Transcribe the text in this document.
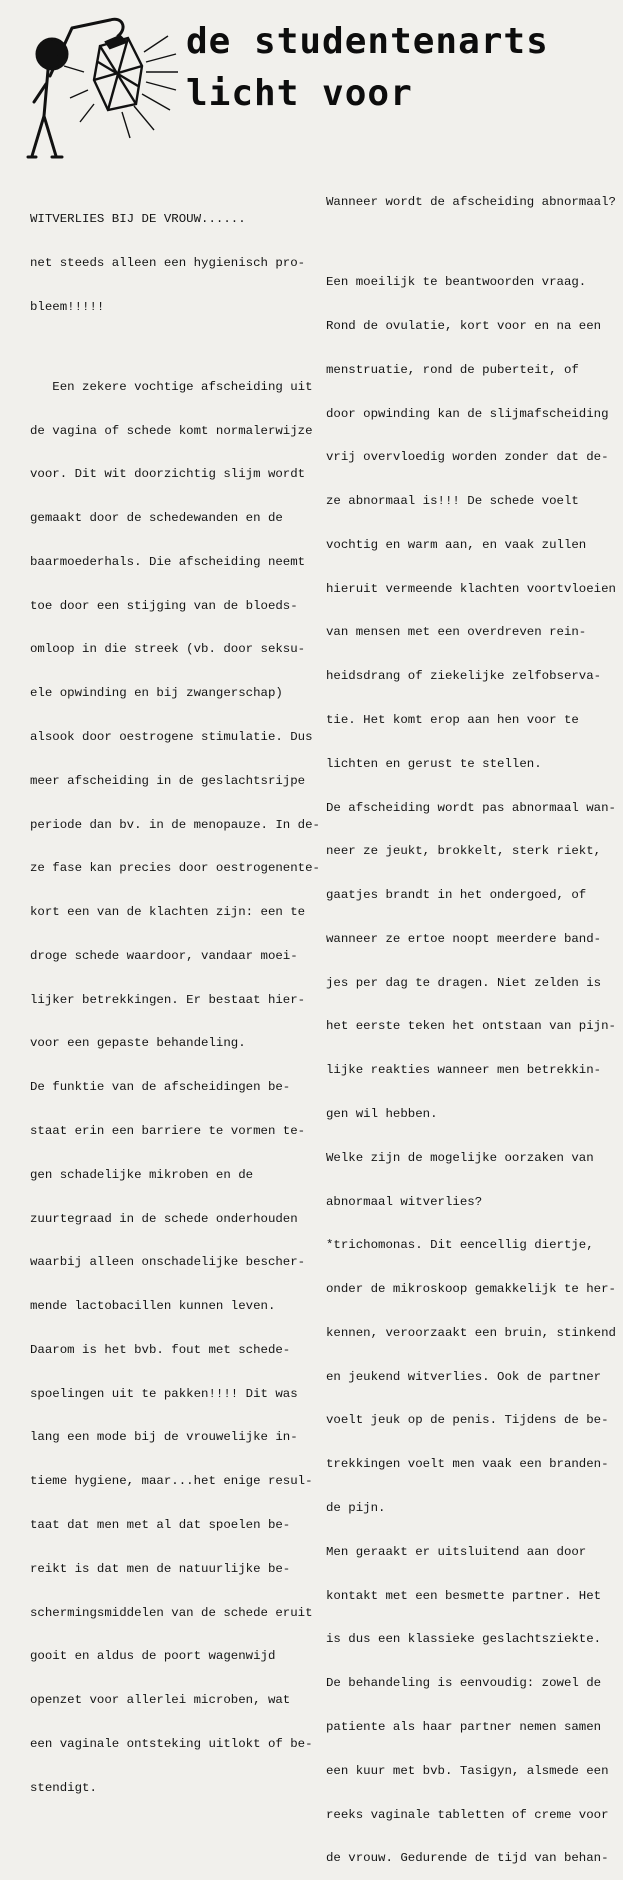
de studentenarts
licht voor

WITVERLIES BIJ DE VROUW......

net steeds alleen een hygienisch pro-

bleem!!!!!

Een zekere vochtige afscheiding uit

de vagina of schede komt normalerwijze

voor. Dit wit doorzichtig slijm wordt

gemaakt door de schedewanden en de

baarmoederhals. Die afscheiding neemt

toe door een stijging van de bloeds-

omloop in die streek (vb. door seksu-

ele opwinding en bij zwangerschap)

alsook door oestrogene stimulatie. Dus

meer afscheiding in de geslachtsrijpe

periode dan bv. in de menopauze. In de-

ze fase kan precies door oestrogenente-

kort een van de klachten zijn: een te

droge schede waardoor, vandaar moei-

lijker betrekkingen. Er bestaat hier-

voor een gepaste behandeling.

De funktie van de afscheidingen be-

staat erin een barriere te vormen te-

gen schadelijke mikroben en de

zuurtegraad in de schede onderhouden

waarbij alleen onschadelijke bescher-

mende lactobacillen kunnen leven.

Daarom is het bvb. fout met schede-

spoelingen uit te pakken!!!! Dit was

lang een mode bij de vrouwelijke in-

tieme hygiene, maar...het enige resul-

taat dat men met al dat spoelen be-

reikt is dat men de natuurlijke be-

schermingsmiddelen van de schede eruit

gooit en aldus de poort wagenwijd

openzet voor allerlei microben, wat

een vaginale ontsteking uitlokt of be-

stendigt.

Wanneer wordt de afscheiding abnormaal?

Een moeilijk te beantwoorden vraag.

Rond de ovulatie, kort voor en na een

menstruatie, rond de puberteit, of

door opwinding kan de slijmafscheiding

vrij overvloedig worden zonder dat de-

ze abnormaal is!!! De schede voelt

vochtig en warm aan, en vaak zullen

hieruit vermeende klachten voortvloeien

van mensen met een overdreven rein-

heidsdrang of ziekelijke zelfobserva-

tie. Het komt erop aan hen voor te

lichten en gerust te stellen.

De afscheiding wordt pas abnormaal wan-

neer ze jeukt, brokkelt, sterk riekt,

gaatjes brandt in het ondergoed, of

wanneer ze ertoe noopt meerdere band-

jes per dag te dragen. Niet zelden is

het eerste teken het ontstaan van pijn-

lijke reakties wanneer men betrekkin-

gen wil hebben.

Welke zijn de mogelijke oorzaken van

abnormaal witverlies?

*trichomonas. Dit eencellig diertje,

onder de mikroskoop gemakkelijk te her-

kennen, veroorzaakt een bruin, stinkend

en jeukend witverlies. Ook de partner

voelt jeuk op de penis. Tijdens de be-

trekkingen voelt men vaak een branden-

de pijn.

Men geraakt er uitsluitend aan door

kontakt met een besmette partner. Het

is dus een klassieke geslachtsziekte.

De behandeling is eenvoudig: zowel de

patiente als haar partner nemen samen

een kuur met bvb. Tasigyn, alsmede een

reeks vaginale tabletten of creme voor

de vrouw. Gedurende de tijd van behan-
